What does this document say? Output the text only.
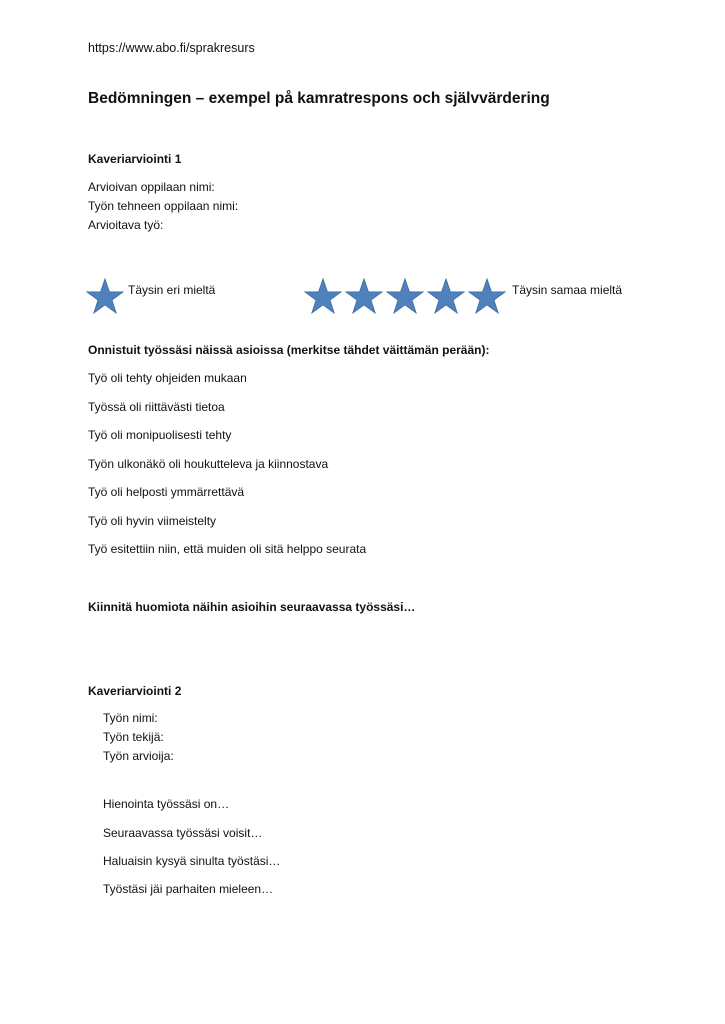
https://www.abo.fi/sprakresurs
Bedömningen – exempel på kamratrespons och självvärdering
Kaveriarviointi 1
Arvioivan oppilaan nimi:
Työn tehneen oppilaan nimi:
Arvioitava työ:
Täysin eri mieltä	Täysin samaa mieltä
Onnistuit työssäsi näissä asioissa (merkitse tähdet väittämän perään):
Työ oli tehty ohjeiden mukaan
Työssä oli riittävästi tietoa
Työ oli monipuolisesti tehty
Työn ulkonäkö oli houkutteleva ja kiinnostava
Työ oli helposti ymmärrettävä
Työ oli hyvin viimeistelty
Työ esitettiin niin, että muiden oli sitä helppo seurata
Kiinnitä huomiota näihin asioihin seuraavassa työssäsi…
Kaveriarviointi 2
Työn nimi:
Työn tekijä:
Työn arvioija:
Hienointa työssäsi on…
Seuraavassa työssäsi voisit…
Haluaisin kysyä sinulta työstäsi…
Työstäsi jäi parhaiten mieleen…
